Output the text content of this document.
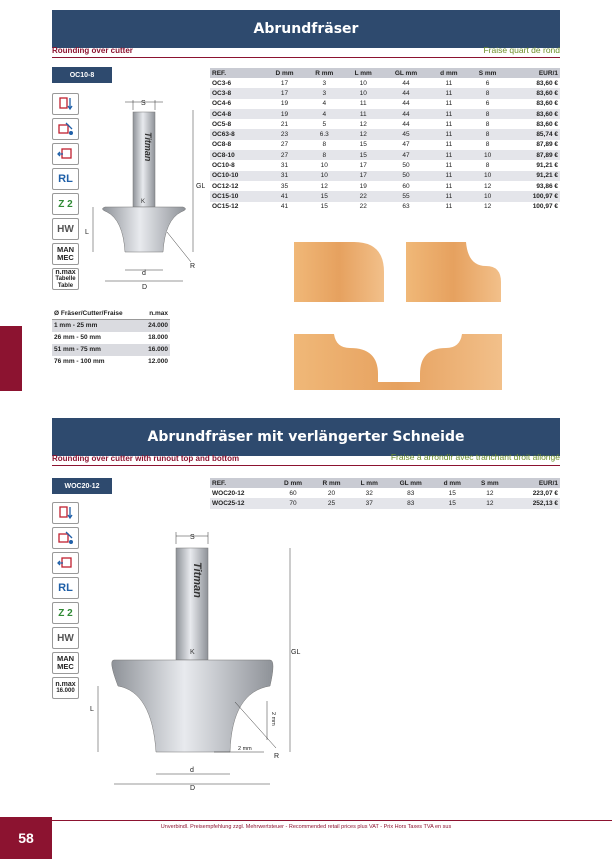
Abrundfräser
Rounding over cutter	Fraise quart de rond
OC10-8
RL
Z 2
HW
MAN
MEC
n.max
Tabelle
Table
Titman
K
S
GL
L
R
d
D
REF.	D mm	R mm	L mm	GL mm	d mm	S mm	EUR/1
OC3-6	17	3	10	44	11	6	83,60 €
OC3-8	17	3	10	44	11	8	83,60 €
OC4-6	19	4	11	44	11	6	83,60 €
OC4-8	19	4	11	44	11	8	83,60 €
OC5-8	21	5	12	44	11	8	83,60 €
OC63-8	23	6.3	12	45	11	8	85,74 €
OC8-8	27	8	15	47	11	8	87,89 €
OC8-10	27	8	15	47	11	10	87,89 €
OC10-8	31	10	17	50	11	8	91,21 €
OC10-10	31	10	17	50	11	10	91,21 €
OC12-12	35	12	19	60	11	12	93,86 €
OC15-10	41	15	22	55	11	10	100,97 €
OC15-12	41	15	22	63	11	12	100,97 €
Ø Fräser/Cutter/Fraise	n.max
1 mm - 25 mm	24.000
26 mm - 50 mm	18.000
51 mm - 75 mm	16.000
76 mm - 100 mm	12.000
Abrundfräser mit verlängerter Schneide
Rounding over cutter with runout top and bottom	Fraise à arrondir avec tranchant droit allongé
WOC20-12
RL
Z 2
HW
MAN
MEC
n.max
16.000
Titman
K
S
GL
L
R
2 mm
2 mm
d
D
REF.	D mm	R mm	L mm	GL mm	d mm	S mm	EUR/1
WOC20-12	60	20	32	83	15	12	223,07 €
WOC25-12	70	25	37	83	15	12	252,13 €
58
Unverbindl. Preisempfehlung zzgl. Mehrwertsteuer - Recommended retail prices plus VAT - Prix Hors Taxes TVA en sus
